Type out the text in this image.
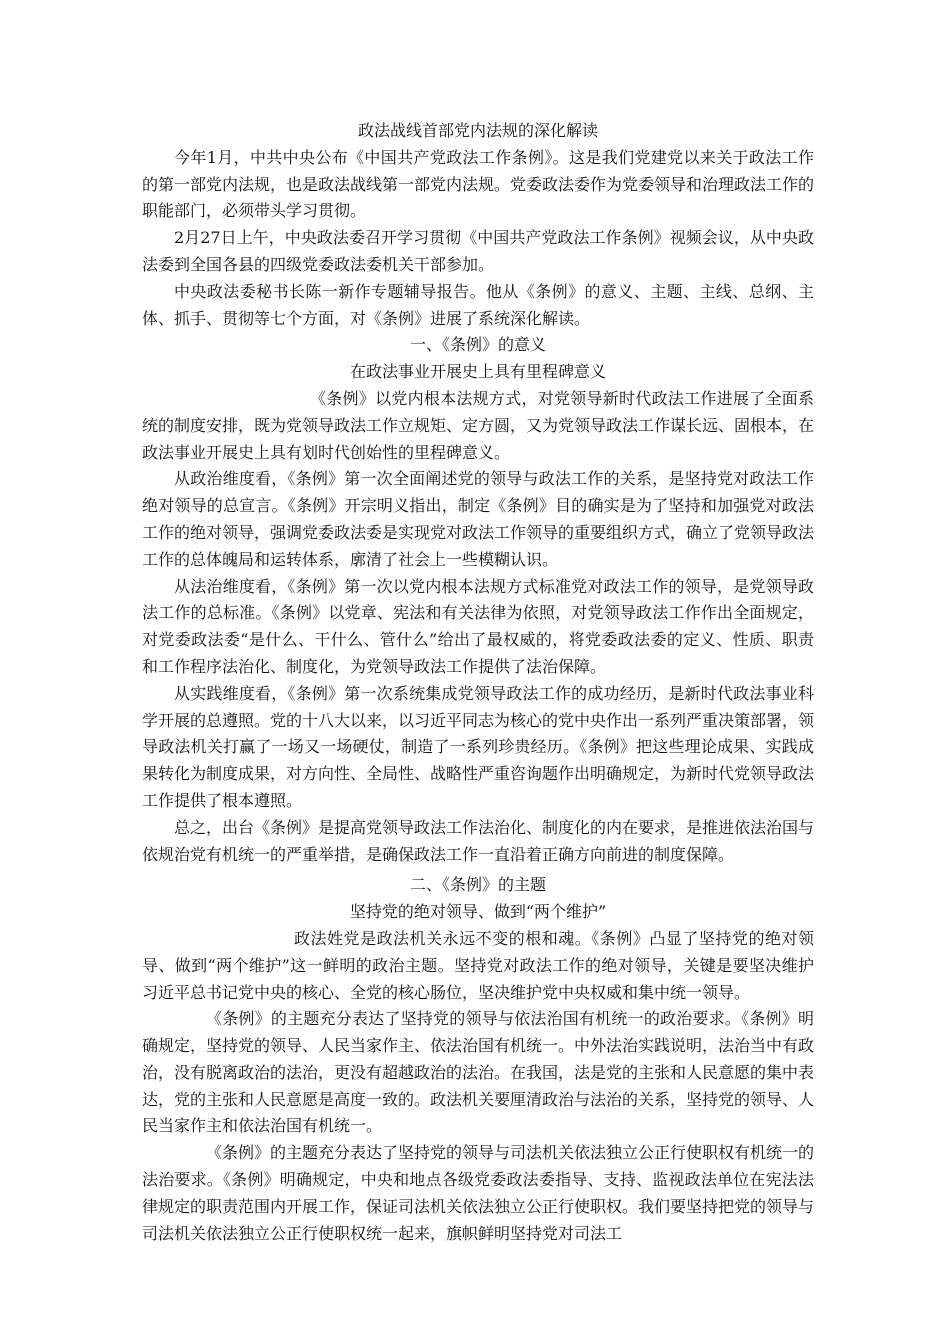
政法战线首部党内法规的深化解读

今年1月，中共中央公布《中国共产党政法工作条例》。这是我们党建党以来关于政法工作的第一部党内法规，也是政法战线第一部党内法规。党委政法委作为党委领导和治理政法工作的职能部门，必须带头学习贯彻。

2月27日上午，中央政法委召开学习贯彻《中国共产党政法工作条例》视频会议，从中央政法委到全国各县的四级党委政法委机关干部参加。

中央政法委秘书长陈一新作专题辅导报告。他从《条例》的意义、主题、主线、总纲、主体、抓手、贯彻等七个方面，对《条例》进展了系统深化解读。

一、《条例》的意义

在政法事业开展史上具有里程碑意义

《条例》以党内根本法规方式，对党领导新时代政法工作进展了全面系统的制度安排，既为党领导政法工作立规矩、定方圆，又为党领导政法工作谋长远、固根本，在政法事业开展史上具有划时代创始性的里程碑意义。

从政治维度看，《条例》第一次全面阐述党的领导与政法工作的关系，是坚持党对政法工作绝对领导的总宣言。《条例》开宗明义指出，制定《条例》目的确实是为了坚持和加强党对政法工作的绝对领导，强调党委政法委是实现党对政法工作领导的重要组织方式，确立了党领导政法工作的总体魄局和运转体系，廓清了社会上一些模糊认识。

从法治维度看，《条例》第一次以党内根本法规方式标准党对政法工作的领导，是党领导政法工作的总标准。《条例》以党章、宪法和有关法律为依照，对党领导政法工作作出全面规定，对党委政法委“是什么、干什么、管什么”给出了最权威的，将党委政法委的定义、性质、职责和工作程序法治化、制度化，为党领导政法工作提供了法治保障。

从实践维度看，《条例》第一次系统集成党领导政法工作的成功经历，是新时代政法事业科学开展的总遵照。党的十八大以来，以习近平同志为核心的党中央作出一系列严重决策部署，领导政法机关打赢了一场又一场硬仗，制造了一系列珍贵经历。《条例》把这些理论成果、实践成果转化为制度成果，对方向性、全局性、战略性严重咨询题作出明确规定，为新时代党领导政法工作提供了根本遵照。

总之，出台《条例》是提高党领导政法工作法治化、制度化的内在要求，是推进依法治国与依规治党有机统一的严重举措，是确保政法工作一直沿着正确方向前进的制度保障。

二、《条例》的主题

坚持党的绝对领导、做到“两个维护”

政法姓党是政法机关永远不变的根和魂。《条例》凸显了坚持党的绝对领导、做到“两个维护”这一鲜明的政治主题。坚持党对政法工作的绝对领导，关键是要坚决维护习近平总书记党中央的核心、全党的核心肠位，坚决维护党中央权威和集中统一领导。

《条例》的主题充分表达了坚持党的领导与依法治国有机统一的政治要求。《条例》明确规定，坚持党的领导、人民当家作主、依法治国有机统一。中外法治实践说明，法治当中有政治，没有脱离政治的法治，更没有超越政治的法治。在我国，法是党的主张和人民意愿的集中表达，党的主张和人民意愿是高度一致的。政法机关要厘清政治与法治的关系，坚持党的领导、人民当家作主和依法治国有机统一。

《条例》的主题充分表达了坚持党的领导与司法机关依法独立公正行使职权有机统一的法治要求。《条例》明确规定，中央和地点各级党委政法委指导、支持、监视政法单位在宪法法律规定的职责范围内开展工作，保证司法机关依法独立公正行使职权。我们要坚持把党的领导与司法机关依法独立公正行使职权统一起来，旗帜鲜明坚持党对司法工
